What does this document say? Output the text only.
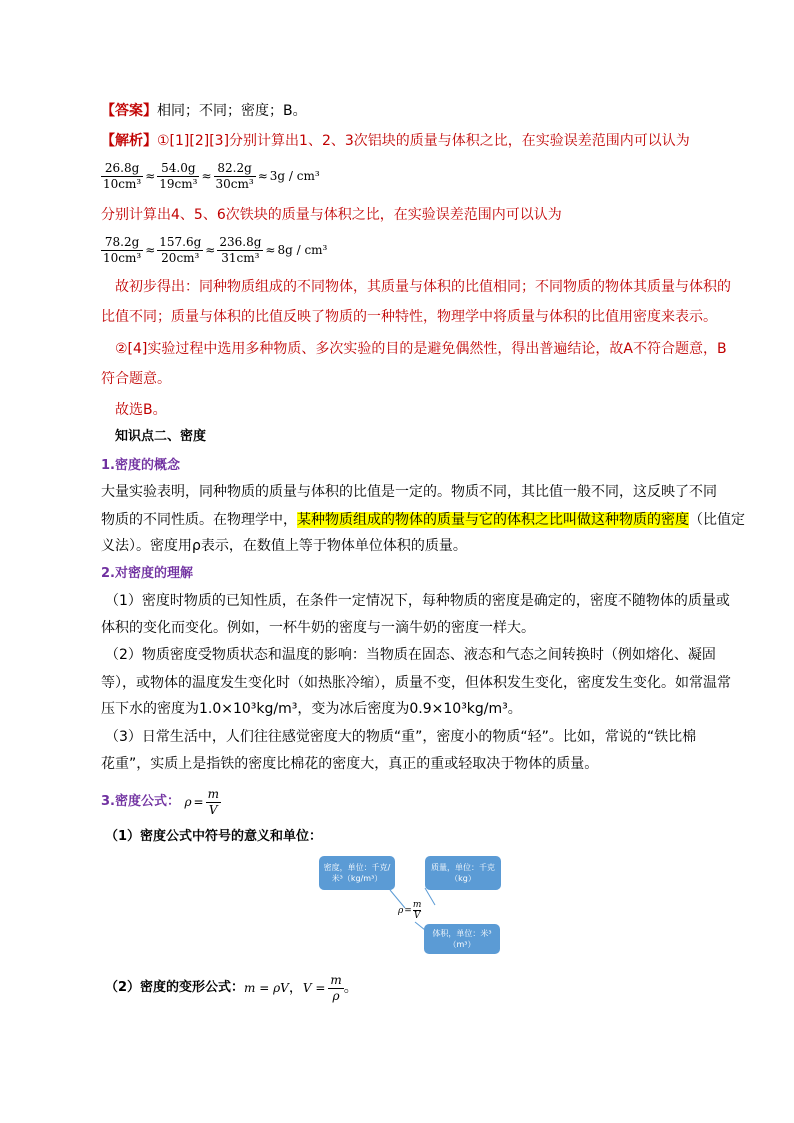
【答案】相同；不同；密度；B。
【解析】①[1][2][3]分别计算出1、2、3次铝块的质量与体积之比，在实验误差范围内可以认为
$\frac{26.8g}{\text{10cm³}} \approx \frac{54.0g}{\text{19cm³}} \approx \frac{82.2g}{\text{30cm³}} \approx 3g / cm^3$
分别计算出4、5、6次铁块的质量与体积之比，在实验误差范围内可以认为
$\frac{78.2g}{\text{10cm³}} \approx \frac{157.6g}{\text{20cm³}} \approx \frac{236.8g}{\text{31cm³}} \approx 8g / cm^3$
故初步得出：同种物质组成的不同物体，其质量与体积的比值相同；不同物质的物体其质量与体积的
比值不同；质量与体积的比值反映了物质的一种特性，物理学中将质量与体积的比值用密度来表示。
②[4]实验过程中选用多种物质、多次实验的目的是避免偶然性，得出普遍结论，故A不符合题意，B
符合题意。
故选B。
知识点二、密度
1.密度的概念
大量实验表明，同种物质的质量与体积的比值是一定的。物质不同，其比值一般不同，这反映了不同
物质的不同性质。在物理学中，某种物质组成的物体的质量与它的体积之比叫做这种物质的密度（比值定
义法）。密度用ρ表示，在数值上等于物体单位体积的质量。
2.对密度的理解
（1）密度时物质的已知性质，在条件一定情况下，每种物质的密度是确定的，密度不随物体的质量或
体积的变化而变化。例如，一杯牛奶的密度与一滴牛奶的密度一样大。
（2）物质密度受物质状态和温度的影响：当物质在固态、液态和气态之间转换时（例如熔化、凝固
等），或物体的温度发生变化时（如热胀冷缩），质量不变，但体积发生变化，密度发生变化。如常温常
压下水的密度为1.0×10³kg/m³，变为冰后密度为0.9×10³kg/m³。
（3）日常生活中，人们往往感觉密度大的物质“重”，密度小的物质“轻”。比如，常说的“铁比棉
花重”，实质上是指铁的密度比棉花的密度大，真正的重或轻取决于物体的质量。
3.密度公式： $\rho = \frac{m}{V}$
（1）密度公式中符号的意义和单位：
密度，单位：千克/米³（kg/m³）
质量，单位：千克（kg）
体积，单位：米³（m³）
$\rho = \frac{m}{V}$
（2）密度的变形公式：m = ρV，$V = \frac{m}{\rho}$ 。
